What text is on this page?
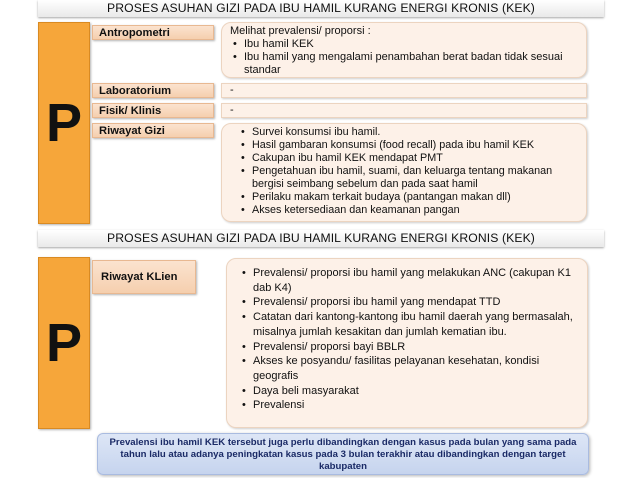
PROSES ASUHAN GIZI PADA IBU HAMIL KURANG ENERGI KRONIS (KEK)
P
Antropometri	Melihat prevalensi/ proporsi :
• Ibu hamil KEK
• Ibu hamil yang mengalami penambahan berat badan tidak sesuai standar
Laboratorium	-
Fisik/ Klinis	-
Riwayat Gizi	• Survei konsumsi ibu hamil.
• Hasil gambaran konsumsi (food recall) pada ibu hamil KEK
• Cakupan ibu hamil KEK mendapat PMT
• Pengetahuan ibu hamil, suami, dan keluarga tentang makanan bergisi seimbang sebelum dan pada saat hamil
• Perilaku makam terkait budaya (pantangan makan dll)
• Akses ketersediaan dan keamanan pangan
PROSES ASUHAN GIZI PADA IBU HAMIL KURANG ENERGI KRONIS (KEK)
P
Riwayat KLien	• Prevalensi/ proporsi ibu hamil yang melakukan ANC (cakupan K1 dab K4)
• Prevalensi/ proporsi ibu hamil yang mendapat TTD
• Catatan dari kantong-kantong ibu hamil daerah yang bermasalah, misalnya jumlah kesakitan dan jumlah kematian ibu.
• Prevalensi/ proporsi bayi BBLR
• Akses ke posyandu/ fasilitas pelayanan kesehatan, kondisi geografis
• Daya beli masyarakat
• Prevalensi
Prevalensi ibu hamil KEK tersebut juga perlu dibandingkan dengan kasus pada bulan yang sama pada tahun lalu atau adanya peningkatan kasus pada 3 bulan terakhir atau dibandingkan dengan target kabupaten
